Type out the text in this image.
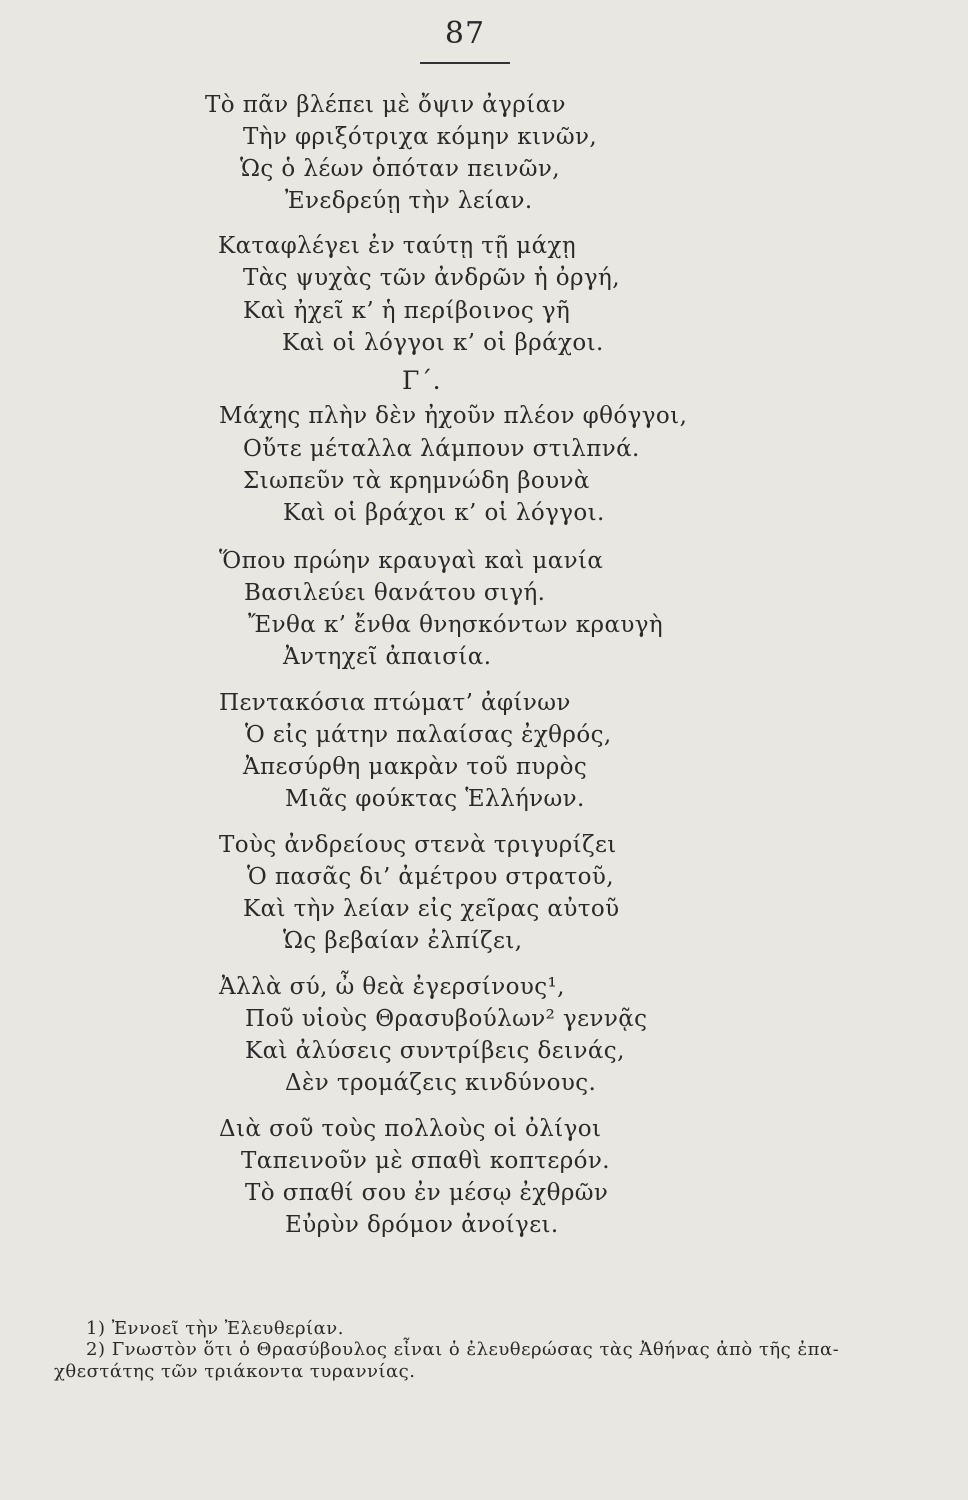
87
Τὸ πᾶν βλέπει μὲ ὄψιν ἀγρίαν
Τὴν φριξότριχα κόμην κινῶν,
Ὡς ὁ λέων ὁπόταν πεινῶν,
Ἐνεδρεύῃ τὴν λείαν.
Καταφλέγει ἐν ταύτῃ τῇ μάχῃ
Τὰς ψυχὰς τῶν ἀνδρῶν ἡ ὀργή,
Καὶ ἠχεῖ κ’ ἡ περίβοινος γῆ
Καὶ οἱ λόγγοι κ’ οἱ βράχοι.
Γ΄.
Μάχης πλὴν δὲν ἠχοῦν πλέον φθόγγοι,
Οὔτε μέταλλα λάμπουν στιλπνά.
Σιωπεῦν τὰ κρημνώδη βουνὰ
Καὶ οἱ βράχοι κ’ οἱ λόγγοι.
Ὅπου πρώην κραυγαὶ καὶ μανία
Βασιλεύει θανάτου σιγή.
Ἔνθα κ’ ἔνθα θνησκόντων κραυγὴ
Ἀντηχεῖ ἀπαισία.
Πεντακόσια πτώματ’ ἀφίνων
Ὁ εἰς μάτην παλαίσας ἐχθρός,
Ἀπεσύρθη μακρὰν τοῦ πυρὸς
Μιᾶς φούκτας Ἑλλήνων.
Τοὺς ἀνδρείους στενὰ τριγυρίζει
Ὁ πασᾶς δι’ ἀμέτρου στρατοῦ,
Καὶ τὴν λείαν εἰς χεῖρας αὐτοῦ
Ὡς βεβαίαν ἐλπίζει,
Ἀλλὰ σύ, ὦ θεὰ ἐγερσίνους¹,
Ποῦ υἱοὺς Θρασυβούλων² γεννᾷς
Καὶ ἀλύσεις συντρίβεις δεινάς,
Δὲν τρομάζεις κινδύνους.
Διὰ σοῦ τοὺς πολλοὺς οἱ ὀλίγοι
Ταπεινοῦν μὲ σπαθὶ κοπτερόν.
Τὸ σπαθί σου ἐν μέσῳ ἐχθρῶν
Εὐρὺν δρόμον ἀνοίγει.
1) Ἐννοεῖ τὴν Ἐλευθερίαν.
2) Γνωστὸν ὅτι ὁ Θρασύβουλος εἶναι ὁ ἐλευθερώσας τὰς Ἀθήνας ἀπὸ τῆς ἐπα-
χθεστάτης τῶν τριάκοντα τυραννίας.
